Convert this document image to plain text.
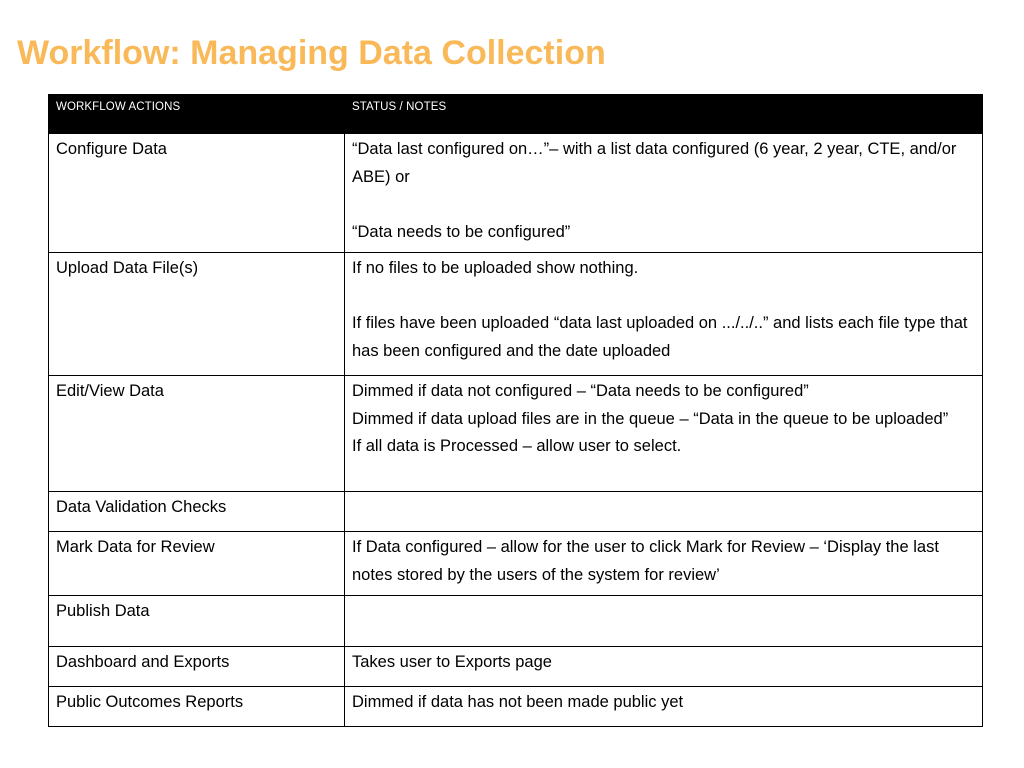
Workflow: Managing Data Collection
WORKFLOW ACTIONS	STATUS / NOTES
Configure Data	“Data last configured on…”– with a list data configured (6 year, 2 year, CTE, and/or ABE) or
“Data needs to be configured”

Upload Data File(s)	If no files to be uploaded show nothing.
If files have been uploaded “data last uploaded on .../../..” and lists each file type that has been configured and the date uploaded

Edit/View Data	Dimmed if data not configured – “Data needs to be configured”
Dimmed if data upload files are in the queue – “Data in the queue to be uploaded”
If all data is Processed – allow user to select.

Data Validation Checks	
Mark Data for Review	If Data configured – allow for the user to click Mark for Review – ‘Display the last notes stored by the users of the system for review’

Publish Data	
Dashboard and Exports	Takes user to Exports page

Public Outcomes Reports	Dimmed if data has not been made public yet
